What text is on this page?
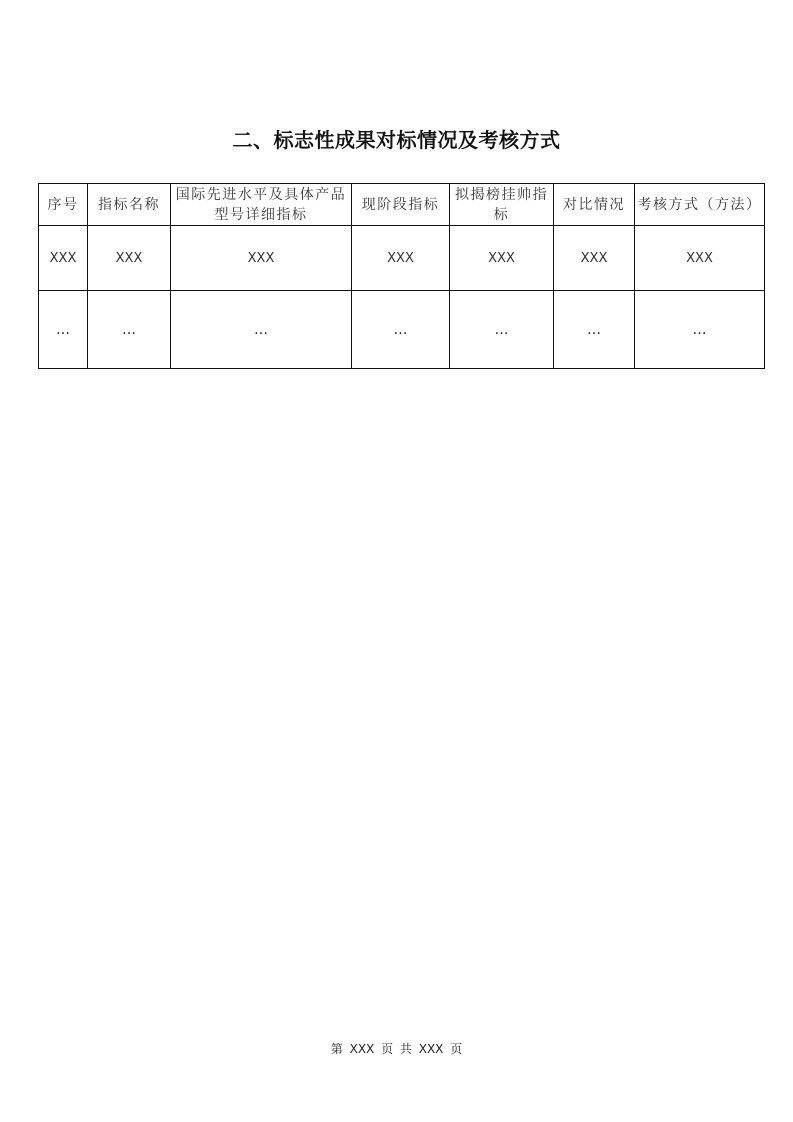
二、标志性成果对标情况及考核方式
序号	指标名称	国际先进水平及具体产品型号详细指标	现阶段指标	拟揭榜挂帅指标	对比情况	考核方式（方法）
XXX	XXX	XXX	XXX	XXX	XXX	XXX
…	…	…	…	…	…	…
第 XXX 页 共 XXX 页
